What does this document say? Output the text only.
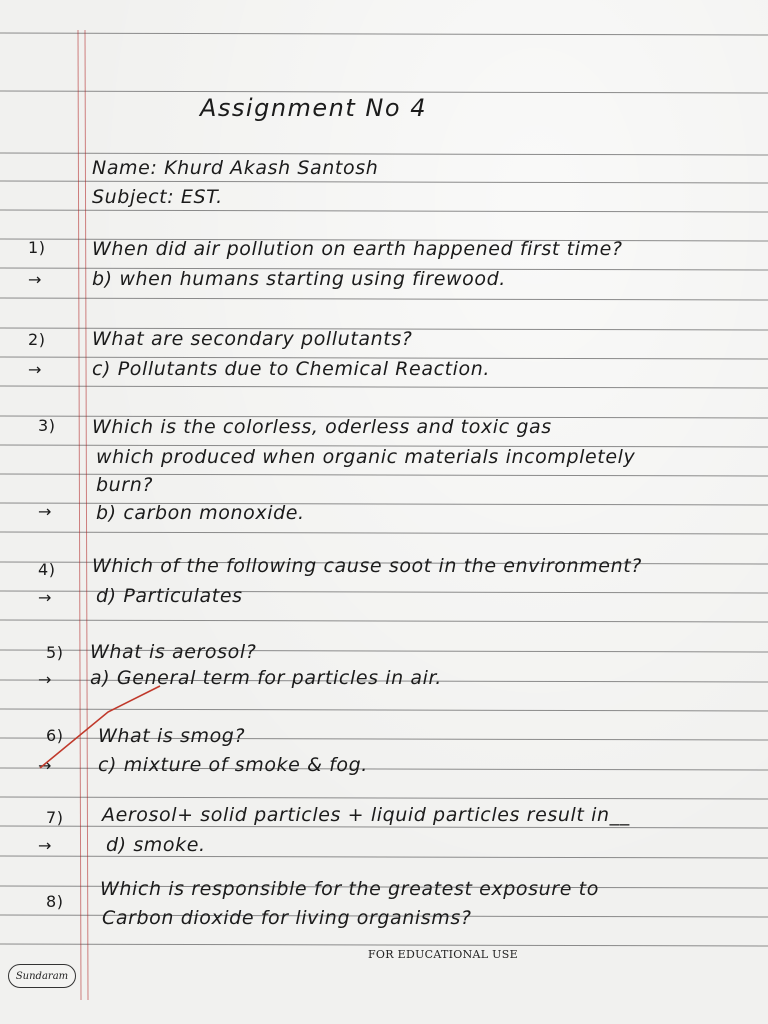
Assignment No 4
Name: Khurd Akash Santosh
Subject: EST.
1) When did air pollution on earth happened first time?
→	b) when humans starting using firewood.
2) What are secondary pollutants?
→	c) Pollutants due to Chemical Reaction.
3) Which is the colorless, oderless and toxic gas
which produced when organic materials incompletely
burn?
→ b) carbon monoxide.
4) Which of the following cause soot in the environment?
→ d) Particulates
5) What is aerosol?
→ a) General term for particles in air.
6) What is smog?
→ c) mixture of smoke & fog.
7) Aerosol+ solid particles + liquid particles result in__
→	d) smoke.
8)
Which is responsible for the greatest exposure to
Carbon dioxide for living organisms?
FOR EDUCATIONAL USE
Sundaram
